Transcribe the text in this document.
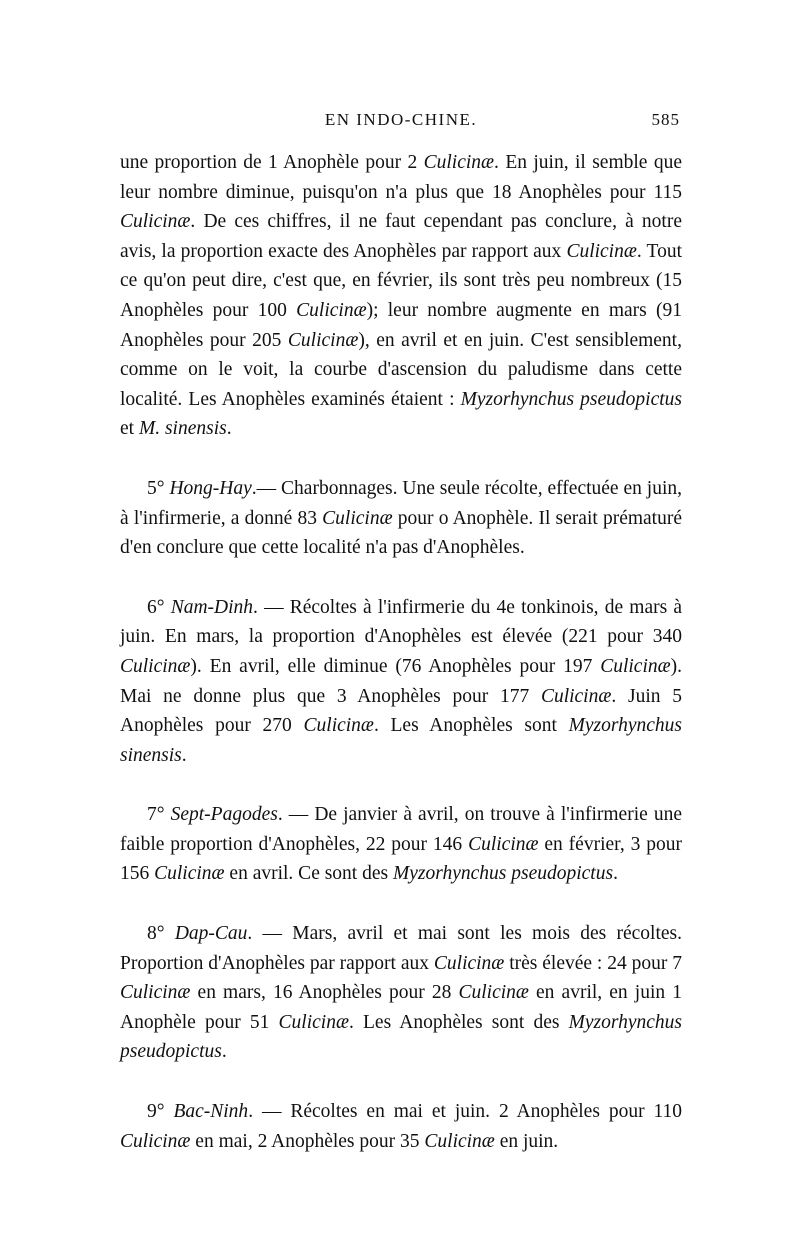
EN INDO-CHINE.	585

une proportion de 1 Anophèle pour 2 Culicinæ. En juin, il semble que leur nombre diminue, puisqu'on n'a plus que 18 Anophèles pour 115 Culicinæ. De ces chiffres, il ne faut cependant pas conclure, à notre avis, la proportion exacte des Anophèles par rapport aux Culicinæ. Tout ce qu'on peut dire, c'est que, en février, ils sont très peu nombreux (15 Anophèles pour 100 Culicinæ); leur nombre augmente en mars (91 Anophèles pour 205 Culicinæ), en avril et en juin. C'est sensiblement, comme on le voit, la courbe d'ascension du paludisme dans cette localité. Les Anophèles examinés étaient : Myzorhynchus pseudopictus et M. sinensis.

5° Hong-Hay.— Charbonnages. Une seule récolte, effectuée en juin, à l'infirmerie, a donné 83 Culicinæ pour o Anophèle. Il serait prématuré d'en conclure que cette localité n'a pas d'Anophèles.

6° Nam-Dinh. — Récoltes à l'infirmerie du 4e tonkinois, de mars à juin. En mars, la proportion d'Anophèles est élevée (221 pour 340 Culicinæ). En avril, elle diminue (76 Anophèles pour 197 Culicinæ). Mai ne donne plus que 3 Anophèles pour 177 Culicinæ. Juin 5 Anophèles pour 270 Culicinæ. Les Anophèles sont Myzorhynchus sinensis.

7° Sept-Pagodes. — De janvier à avril, on trouve à l'infirmerie une faible proportion d'Anophèles, 22 pour 146 Culicinæ en février, 3 pour 156 Culicinæ en avril. Ce sont des Myzorhynchus pseudopictus.

8° Dap-Cau. — Mars, avril et mai sont les mois des récoltes. Proportion d'Anophèles par rapport aux Culicinæ très élevée : 24 pour 7 Culicinæ en mars, 16 Anophèles pour 28 Culicinæ en avril, en juin 1 Anophèle pour 51 Culicinæ. Les Anophèles sont des Myzorhynchus pseudopictus.

9° Bac-Ninh. — Récoltes en mai et juin. 2 Anophèles pour 110 Culicinæ en mai, 2 Anophèles pour 35 Culicinæ en juin.
